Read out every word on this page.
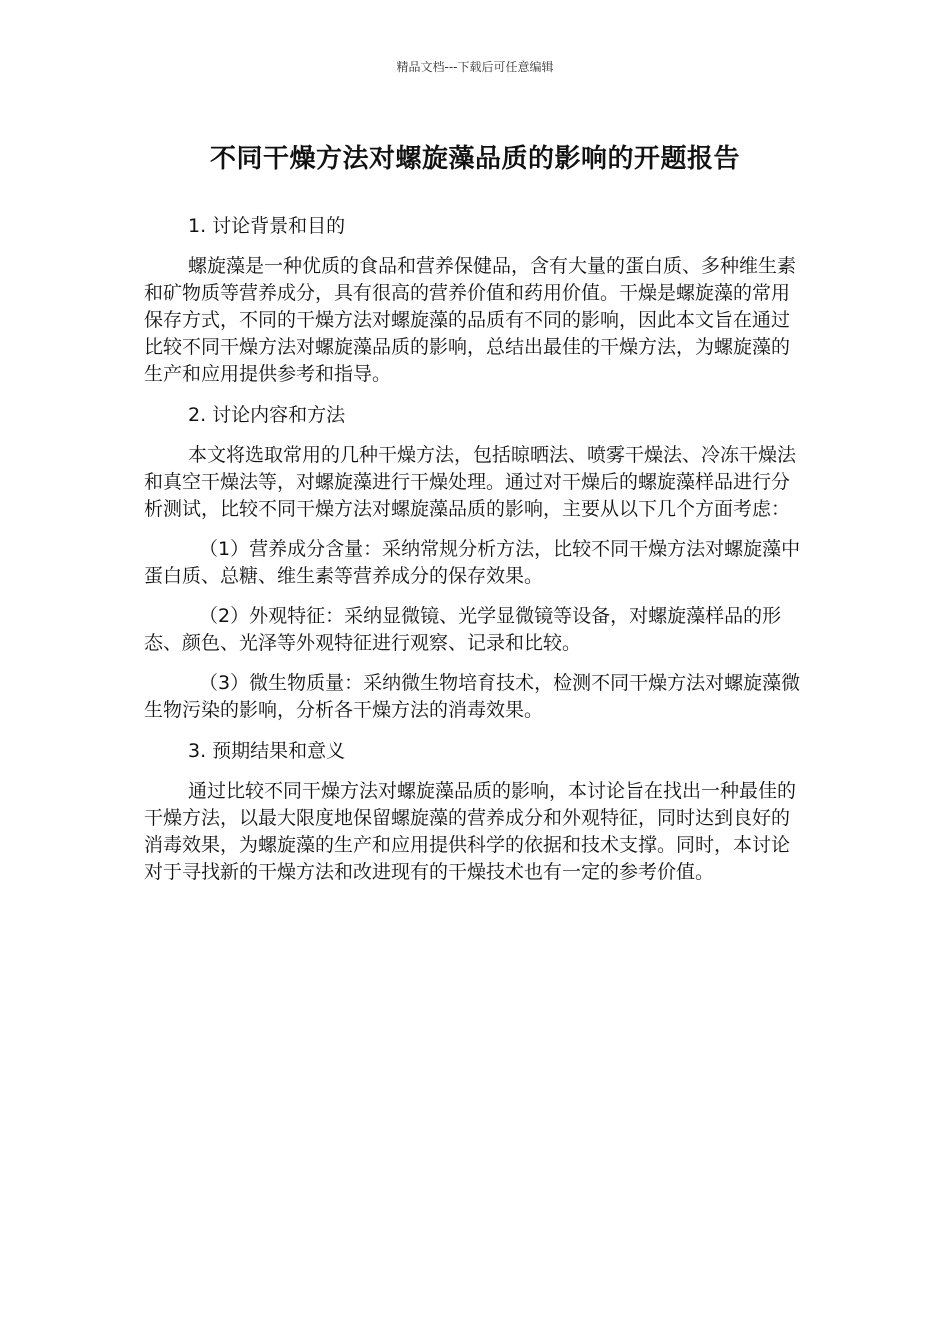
精品文档---下载后可任意编辑
不同干燥方法对螺旋藻品质的影响的开题报告

1. 讨论背景和目的

螺旋藻是一种优质的食品和营养保健品，含有大量的蛋白质、多种维生素和矿物质等营养成分，具有很高的营养价值和药用价值。干燥是螺旋藻的常用保存方式，不同的干燥方法对螺旋藻的品质有不同的影响，因此本文旨在通过比较不同干燥方法对螺旋藻品质的影响，总结出最佳的干燥方法，为螺旋藻的生产和应用提供参考和指导。

2. 讨论内容和方法

本文将选取常用的几种干燥方法，包括晾晒法、喷雾干燥法、冷冻干燥法和真空干燥法等，对螺旋藻进行干燥处理。通过对干燥后的螺旋藻样品进行分析测试，比较不同干燥方法对螺旋藻品质的影响，主要从以下几个方面考虑：

（1）营养成分含量：采纳常规分析方法，比较不同干燥方法对螺旋藻中蛋白质、总糖、维生素等营养成分的保存效果。

（2）外观特征：采纳显微镜、光学显微镜等设备，对螺旋藻样品的形态、颜色、光泽等外观特征进行观察、记录和比较。

（3）微生物质量：采纳微生物培育技术，检测不同干燥方法对螺旋藻微生物污染的影响，分析各干燥方法的消毒效果。

3. 预期结果和意义

通过比较不同干燥方法对螺旋藻品质的影响，本讨论旨在找出一种最佳的干燥方法，以最大限度地保留螺旋藻的营养成分和外观特征，同时达到良好的消毒效果，为螺旋藻的生产和应用提供科学的依据和技术支撑。同时，本讨论对于寻找新的干燥方法和改进现有的干燥技术也有一定的参考价值。
